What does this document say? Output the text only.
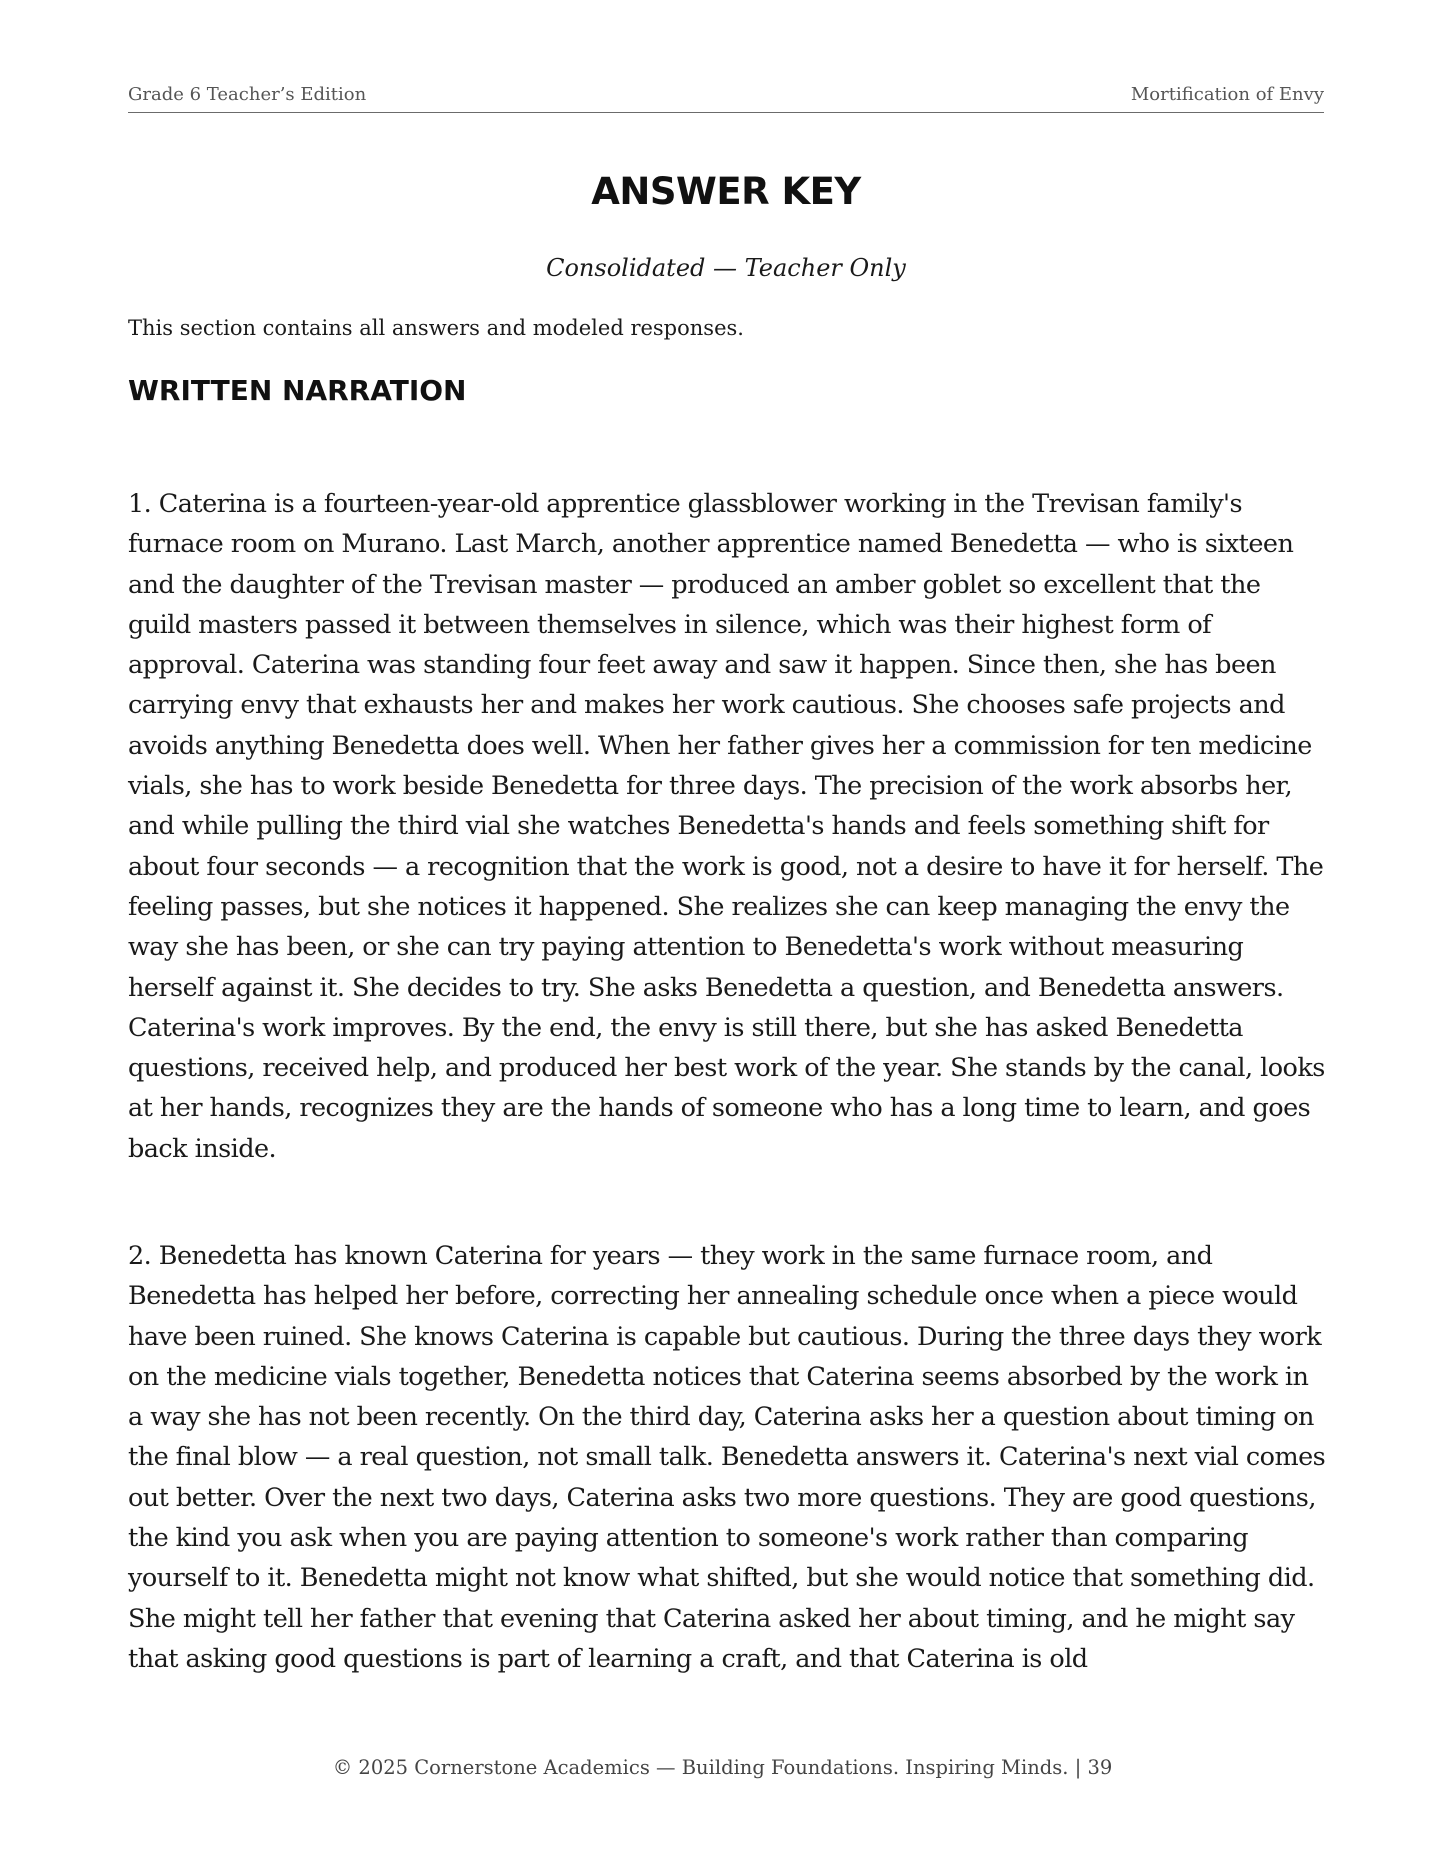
Grade 6 Teacher’s Edition	Mortification of Envy
ANSWER KEY
Consolidated — Teacher Only
This section contains all answers and modeled responses.
WRITTEN NARRATION

1. Caterina is a fourteen-year-old apprentice glassblower working in the Trevisan family's furnace room on Murano. Last March, another apprentice named Benedetta — who is sixteen and the daughter of the Trevisan master — produced an amber goblet so excellent that the guild masters passed it between themselves in silence, which was their highest form of approval. Caterina was standing four feet away and saw it happen. Since then, she has been carrying envy that exhausts her and makes her work cautious. She chooses safe projects and avoids anything Benedetta does well. When her father gives her a commission for ten medicine vials, she has to work beside Benedetta for three days. The precision of the work absorbs her, and while pulling the third vial she watches Benedetta's hands and feels something shift for about four seconds — a recognition that the work is good, not a desire to have it for herself. The feeling passes, but she notices it happened. She realizes she can keep managing the envy the way she has been, or she can try paying attention to Benedetta's work without measuring herself against it. She decides to try. She asks Benedetta a question, and Benedetta answers. Caterina's work improves. By the end, the envy is still there, but she has asked Benedetta questions, received help, and produced her best work of the year. She stands by the canal, looks at her hands, recognizes they are the hands of someone who has a long time to learn, and goes back inside.

2. Benedetta has known Caterina for years — they work in the same furnace room, and Benedetta has helped her before, correcting her annealing schedule once when a piece would have been ruined. She knows Caterina is capable but cautious. During the three days they work on the medicine vials together, Benedetta notices that Caterina seems absorbed by the work in a way she has not been recently. On the third day, Caterina asks her a question about timing on the final blow — a real question, not small talk. Benedetta answers it. Caterina's next vial comes out better. Over the next two days, Caterina asks two more questions. They are good questions, the kind you ask when you are paying attention to someone's work rather than comparing yourself to it. Benedetta might not know what shifted, but she would notice that something did. She might tell her father that evening that Caterina asked her about timing, and he might say that asking good questions is part of learning a craft, and that Caterina is old

© 2025 Cornerstone Academics — Building Foundations. Inspiring Minds. | 39
